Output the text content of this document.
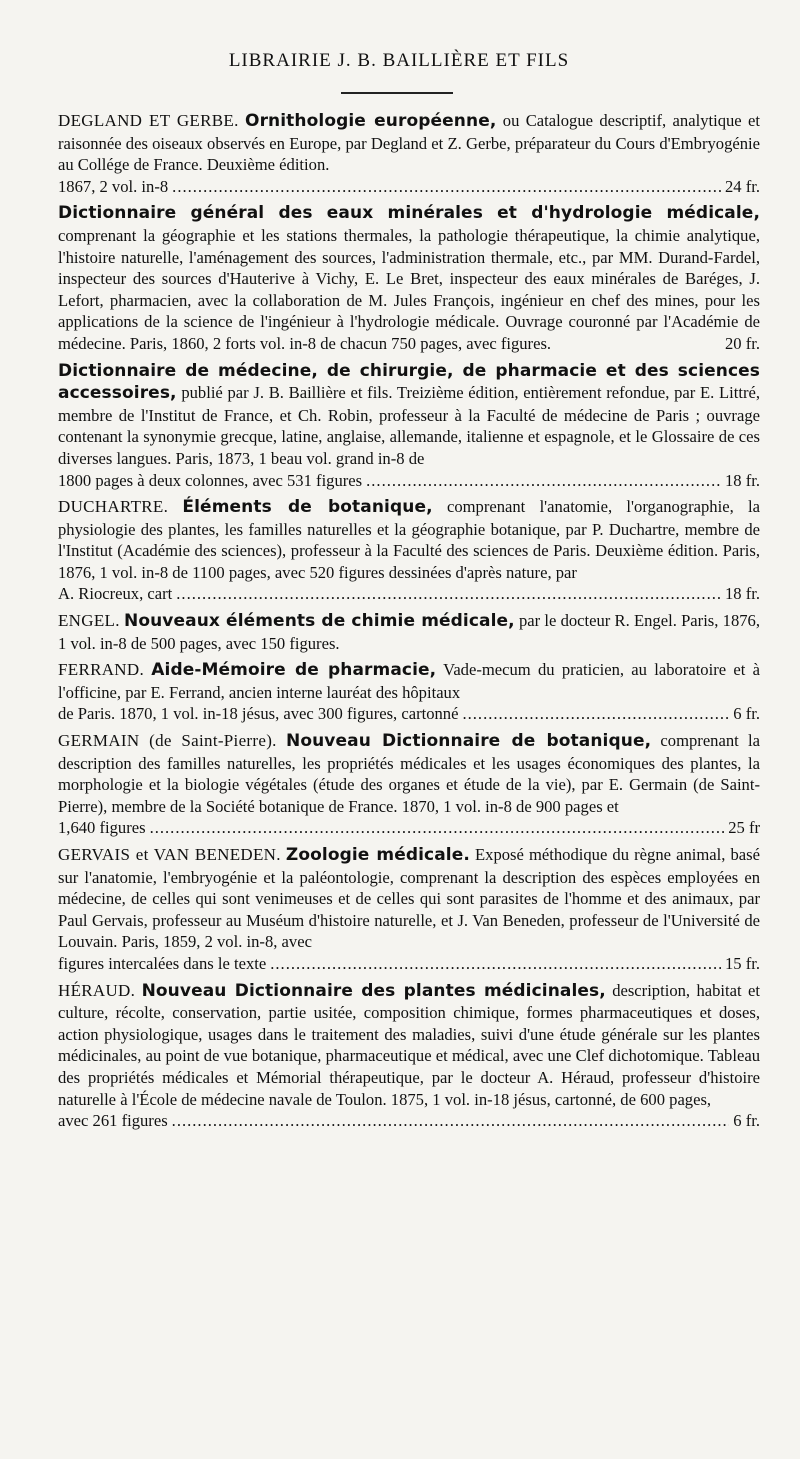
LIBRAIRIE J. B. BAILLIÈRE ET FILS
DEGLAND ET GERBE. Ornithologie européenne, ou Catalogue descriptif, analytique et raisonnée des oiseaux observés en Europe, par Degland et Z. Gerbe, préparateur du Cours d'Embryogénie au Collége de France. Deuxième édition.
1867, 2 vol. in-8 .....	24 fr.
Dictionnaire général des eaux minérales et d'hydrologie médicale, comprenant la géographie et les stations thermales, la pathologie thérapeutique, la chimie analytique, l'histoire naturelle, l'aménagement des sources, l'administration thermale, etc., par MM. Durand-Fardel, inspecteur des sources d'Hauterive à Vichy, E. Le Bret, inspecteur des eaux minérales de Baréges, J. Lefort, pharmacien, avec la collaboration de M. Jules François, ingénieur en chef des mines, pour les applications de la science de l'ingénieur à l'hydrologie médicale. Ouvrage couronné par l'Académie de médecine. Paris, 1860, 2 forts vol. in-8 de chacun 750 pages, avec figures.	20 fr.
Dictionnaire de médecine, de chirurgie, de pharmacie et des sciences accessoires, publié par J. B. Baillière et fils. Treizième édition, entièrement refondue, par E. Littré, membre de l'Institut de France, et Ch. Robin, professeur à la Faculté de médecine de Paris ; ouvrage contenant la synonymie grecque, latine, anglaise, allemande, italienne et espagnole, et le Glossaire de ces diverses langues. Paris, 1873, 1 beau vol. grand in-8 de
1800 pages à deux colonnes, avec 531 figures .....	18 fr.
DUCHARTRE. Éléments de botanique, comprenant l'anatomie, l'organographie, la physiologie des plantes, les familles naturelles et la géographie botanique, par P. Duchartre, membre de l'Institut (Académie des sciences), professeur à la Faculté des sciences de Paris. Deuxième édition. Paris, 1876, 1 vol. in-8 de 1100 pages, avec 520 figures dessinées d'après nature, par
A. Riocreux, cart .....	18 fr.
ENGEL. Nouveaux éléments de chimie médicale, par le docteur R. Engel. Paris, 1876, 1 vol. in-8 de 500 pages, avec 150 figures.
FERRAND. Aide-Mémoire de pharmacie, Vade-mecum du praticien, au laboratoire et à l'officine, par E. Ferrand, ancien interne lauréat des hôpitaux
de Paris. 1870, 1 vol. in-18 jésus, avec 300 figures, cartonné .....	6 fr.
GERMAIN (de Saint-Pierre). Nouveau Dictionnaire de botanique, comprenant la description des familles naturelles, les propriétés médicales et les usages économiques des plantes, la morphologie et la biologie végétales (étude des organes et étude de la vie), par E. Germain (de Saint-Pierre), membre de la Société botanique de France. 1870, 1 vol. in-8 de 900 pages et
1,640 figures .....	25 fr
GERVAIS et VAN BENEDEN. Zoologie médicale. Exposé méthodique du règne animal, basé sur l'anatomie, l'embryogénie et la paléontologie, comprenant la description des espèces employées en médecine, de celles qui sont venimeuses et de celles qui sont parasites de l'homme et des animaux, par Paul Gervais, professeur au Muséum d'histoire naturelle, et J. Van Beneden, professeur de l'Université de Louvain. Paris, 1859, 2 vol. in-8, avec
figures intercalées dans le texte .....	15 fr.
HÉRAUD. Nouveau Dictionnaire des plantes médicinales, description, habitat et culture, récolte, conservation, partie usitée, composition chimique, formes pharmaceutiques et doses, action physiologique, usages dans le traitement des maladies, suivi d'une étude générale sur les plantes médicinales, au point de vue botanique, pharmaceutique et médical, avec une Clef dichotomique. Tableau des propriétés médicales et Mémorial thérapeutique, par le docteur A. Héraud, professeur d'histoire naturelle à l'École de médecine navale de Toulon. 1875, 1 vol. in-18 jésus, cartonné, de 600 pages,
avec 261 figures .....	6 fr.
